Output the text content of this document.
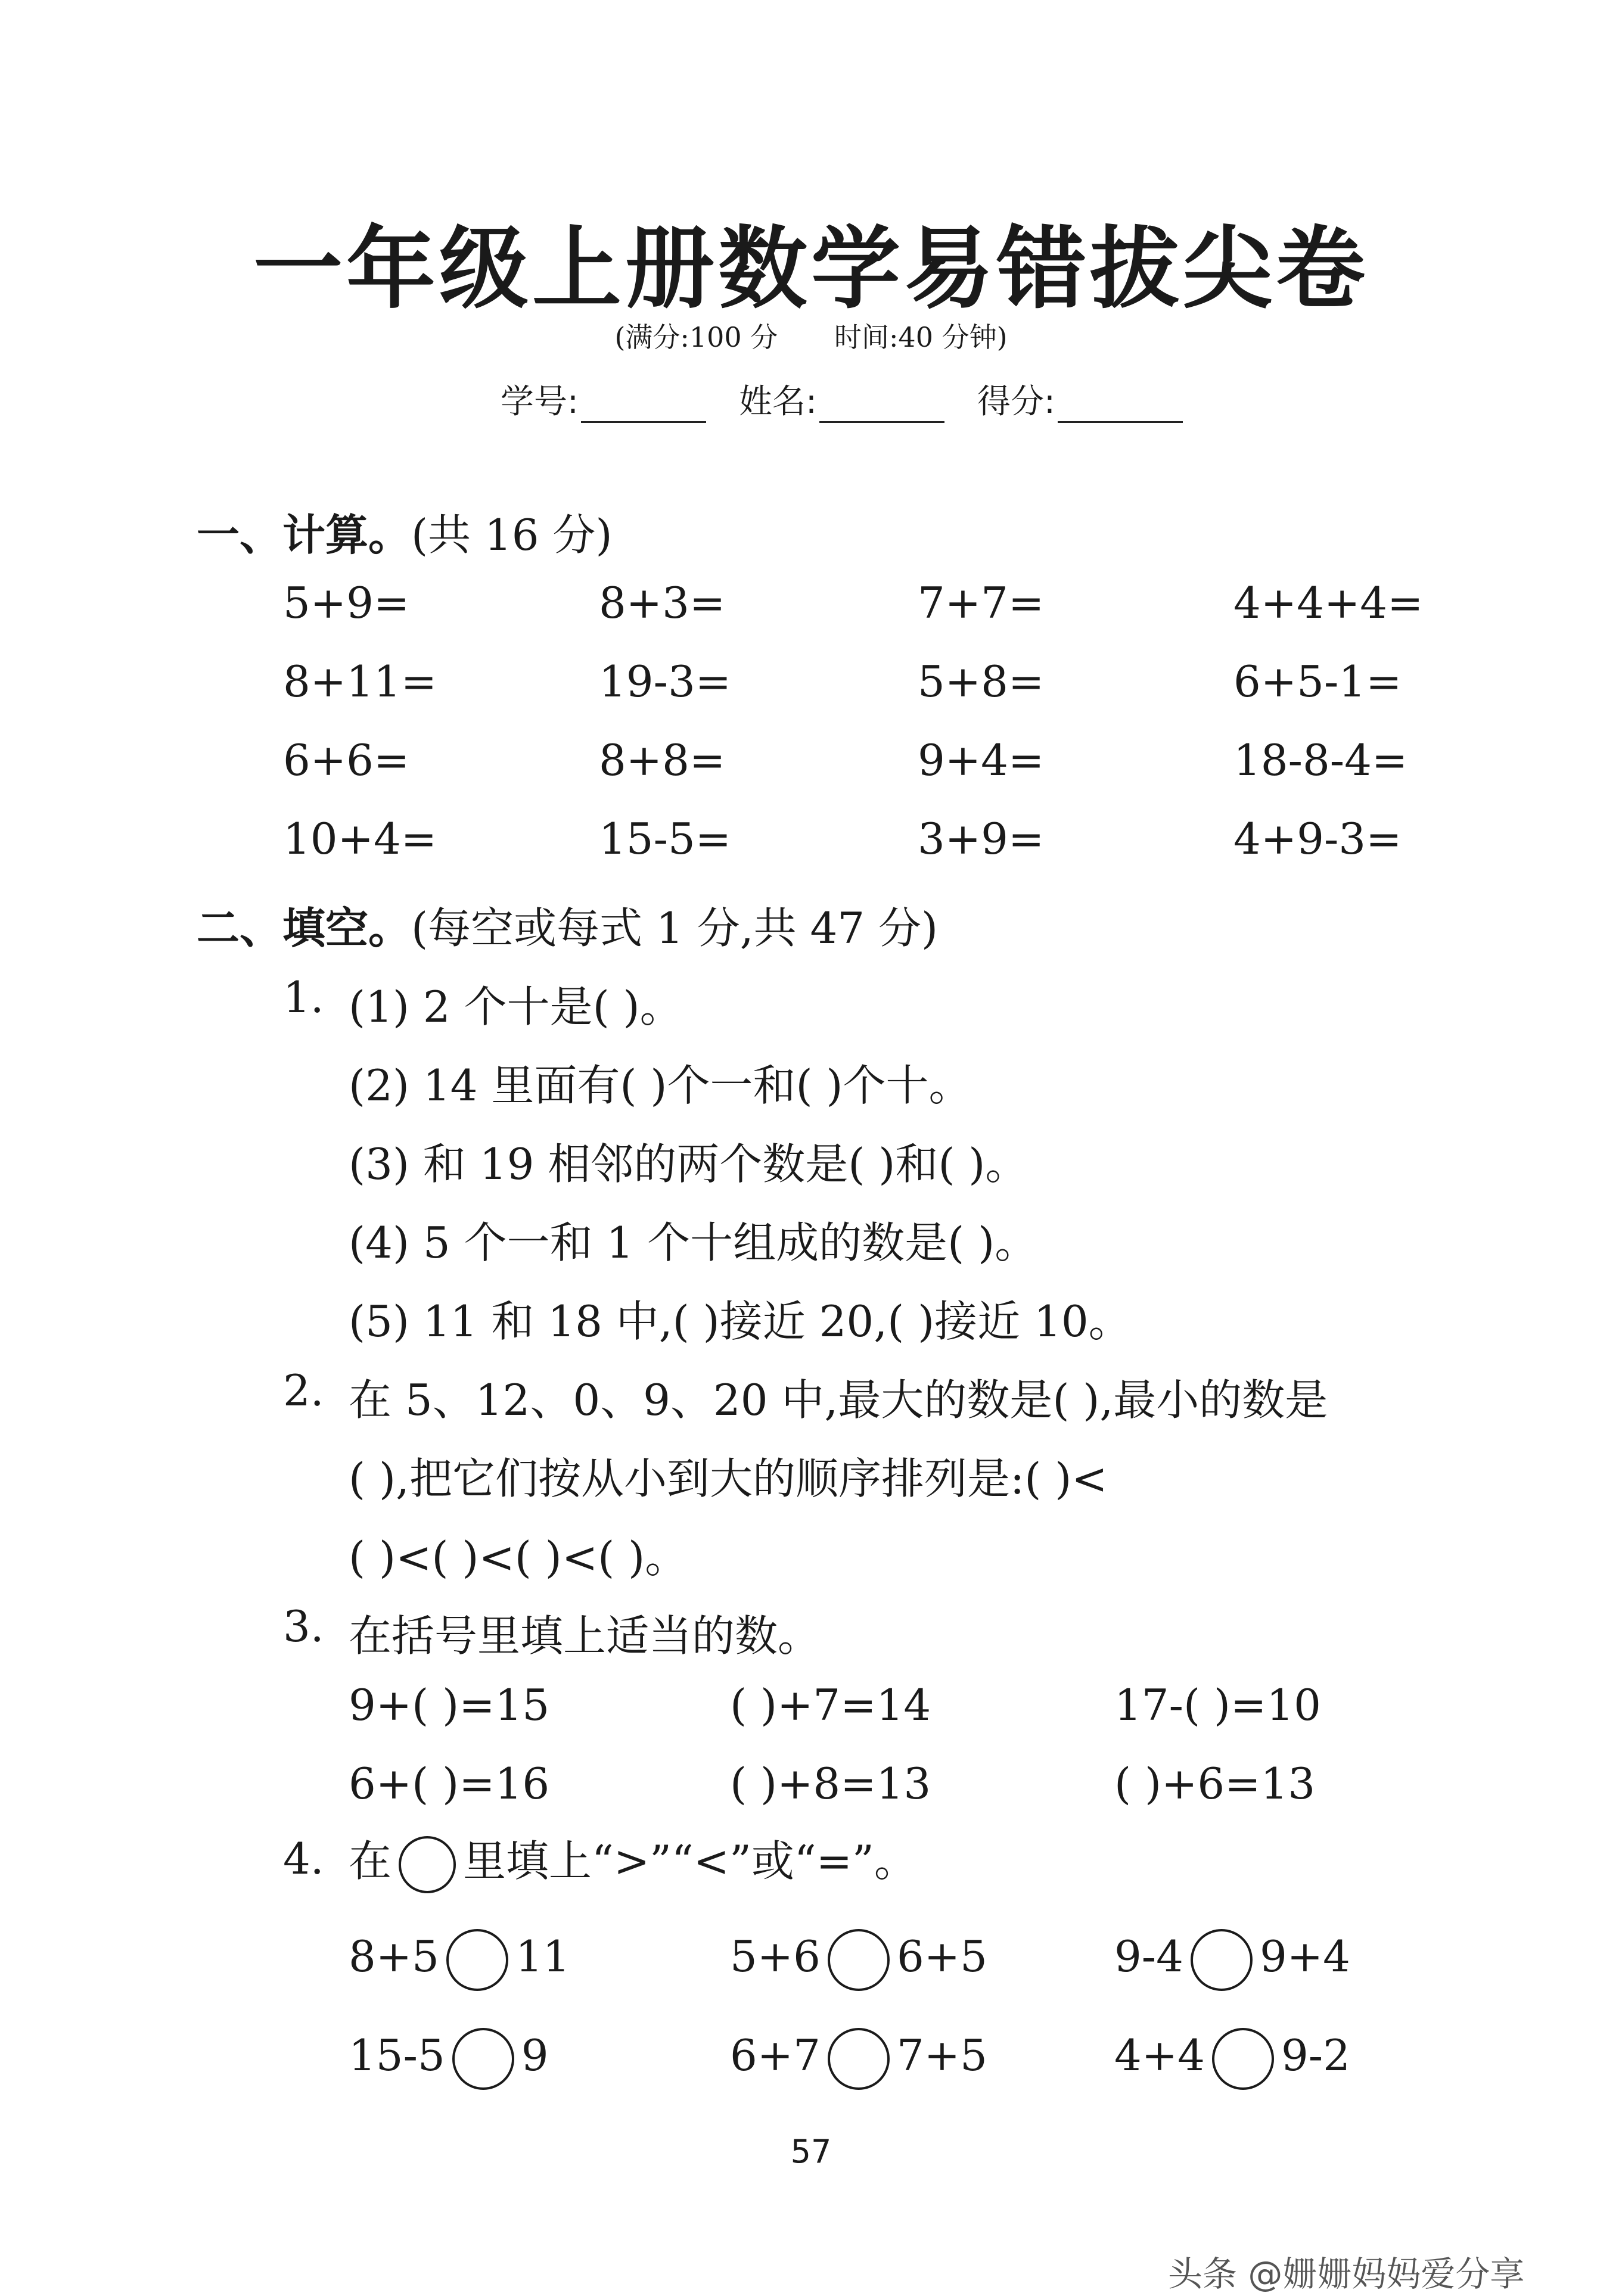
一年级上册数学易错拔尖卷
(满分:100 分 时间:40 分钟)
学号:	姓名:	得分:
一、计算。(共 16 分)
5+9=	8+3=	7+7=	4+4+4=
8+11=	19-3=	5+8=	6+5-1=
6+6=	8+8=	9+4=	18-8-4=
10+4=	15-5=	3+9=	4+9-3=
二、填空。(每空或每式 1 分,共 47 分)
1. (1) 2 个十是( )。
(2) 14 里面有( )个一和( )个十。
(3) 和 19 相邻的两个数是( )和( )。
(4) 5 个一和 1 个十组成的数是( )。
(5) 11 和 18 中,( )接近 20,( )接近 10。
2. 在 5、12、0、9、20 中,最大的数是( ),最小的数是
( ),把它们按从小到大的顺序排列是:( )<
( )<( )<( )<( )。
3. 在括号里填上适当的数。
9+( )=15	( )+7=14	17-( )=10
6+( )=16	( )+8=13	( )+6=13
4. 在 里填上“>”“<”或“=”。
8+5 11	5+6 6+5	9-4 9+4
15-5 9	6+7 7+5	4+4 9-2
57
头条 @姗姗妈妈爱分享
